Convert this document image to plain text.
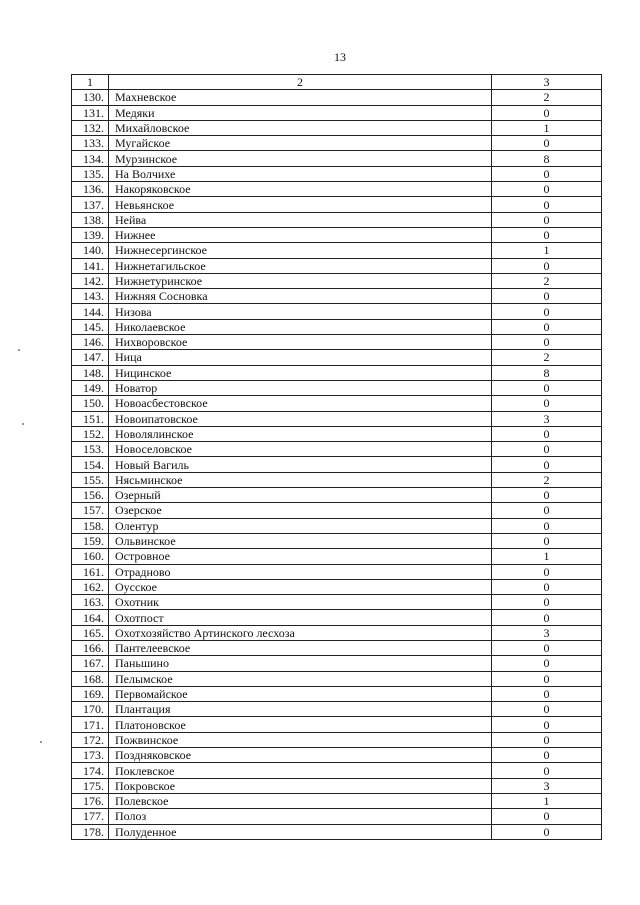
13
1	2	3
130.	Махневское	2
131.	Медяки	0
132.	Михайловское	1
133.	Мугайское	0
134.	Мурзинское	8
135.	На Волчихе	0
136.	Накоряковское	0
137.	Невьянское	0
138.	Нейва	0
139.	Нижнее	0
140.	Нижнесергинское	1
141.	Нижнетагильское	0
142.	Нижнетуринское	2
143.	Нижняя Сосновка	0
144.	Низова	0
145.	Николаевское	0
146.	Нихворовское	0
147.	Ница	2
148.	Ницинское	8
149.	Новатор	0
150.	Новоасбестовское	0
151.	Новоипатовское	3
152.	Новолялинское	0
153.	Новоселовское	0
154.	Новый Вагиль	0
155.	Нясьминское	2
156.	Озерный	0
157.	Озерское	0
158.	Олентур	0
159.	Ольвинское	0
160.	Островное	1
161.	Отрадново	0
162.	Оусское	0
163.	Охотник	0
164.	Охотпост	0
165.	Охотхозяйство Артинского лесхоза	3
166.	Пантелеевское	0
167.	Паньшино	0
168.	Пелымское	0
169.	Первомайское	0
170.	Плантация	0
171.	Платоновское	0
172.	Пожвинское	0
173.	Поздняковское	0
174.	Поклевское	0
175.	Покровское	3
176.	Полевское	1
177.	Полоз	0
178.	Полуденное	0
